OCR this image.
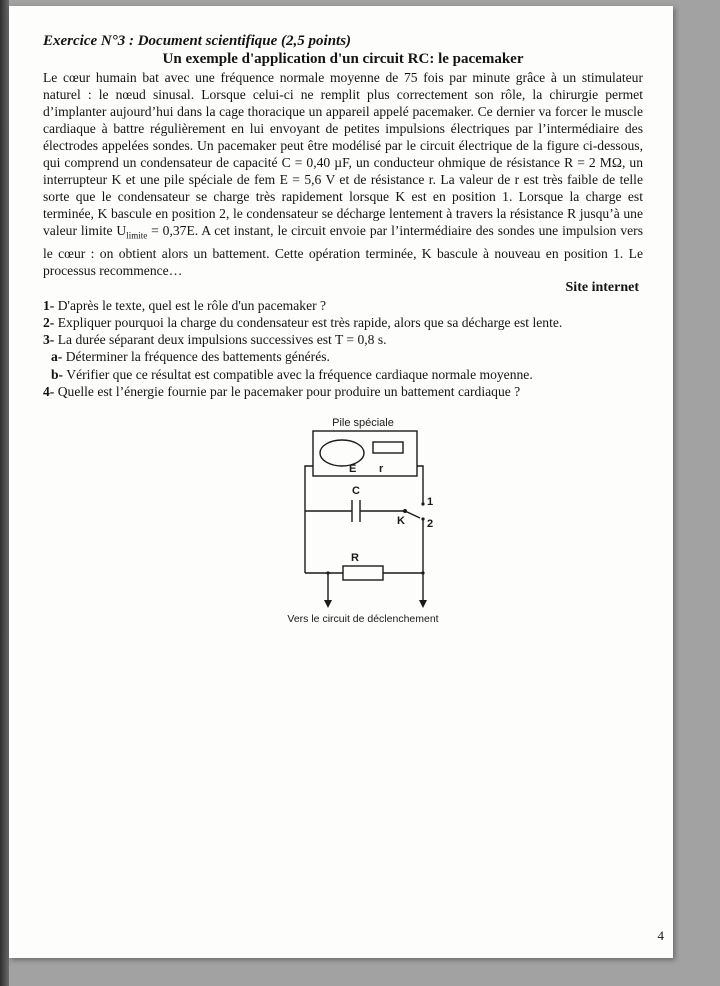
Exercice N°3 : Document scientifique (2,5 points)
Un exemple d'application d'un circuit RC: le pacemaker

Le cœur humain bat avec une fréquence normale moyenne de 75 fois par minute grâce à un stimulateur naturel : le nœud sinusal. Lorsque celui-ci ne remplit plus correctement son rôle, la chirurgie permet d’implanter aujourd’hui dans la cage thoracique un appareil appelé pacemaker. Ce dernier va forcer le muscle cardiaque à battre régulièrement en lui envoyant de petites impulsions électriques par l’intermédiaire des électrodes appelées sondes. Un pacemaker peut être modélisé par le circuit électrique de la figure ci-dessous, qui comprend un condensateur de capacité C = 0,40 µF, un conducteur ohmique de résistance R = 2 MΩ, un interrupteur K et une pile spéciale de fem E = 5,6 V et de résistance r. La valeur de r est très faible de telle sorte que le condensateur se charge très rapidement lorsque K est en position 1. Lorsque la charge est terminée, K bascule en position 2, le condensateur se décharge lentement à travers la résistance R jusqu’à une valeur limite $U_{limite} = 0,37E$. A cet instant, le circuit envoie par l’intermédiaire des sondes une impulsion vers le cœur : on obtient alors un battement. Cette opération terminée, K bascule à nouveau en position 1. Le processus recommence…

Site internet
1- D'après le texte, quel est le rôle d'un pacemaker ?
2- Expliquer pourquoi la charge du condensateur est très rapide, alors que sa décharge est lente.
3- La durée séparant deux impulsions successives est T = 0,8 s.
a- Déterminer la fréquence des battements générés.
b- Vérifier que ce résultat est compatible avec la fréquence cardiaque normale moyenne.
4- Quelle est l’énergie fournie par le pacemaker pour produire un battement cardiaque ?
Pile spéciale
E r
C
K
1
2
R
Vers le circuit de déclenchement
4
